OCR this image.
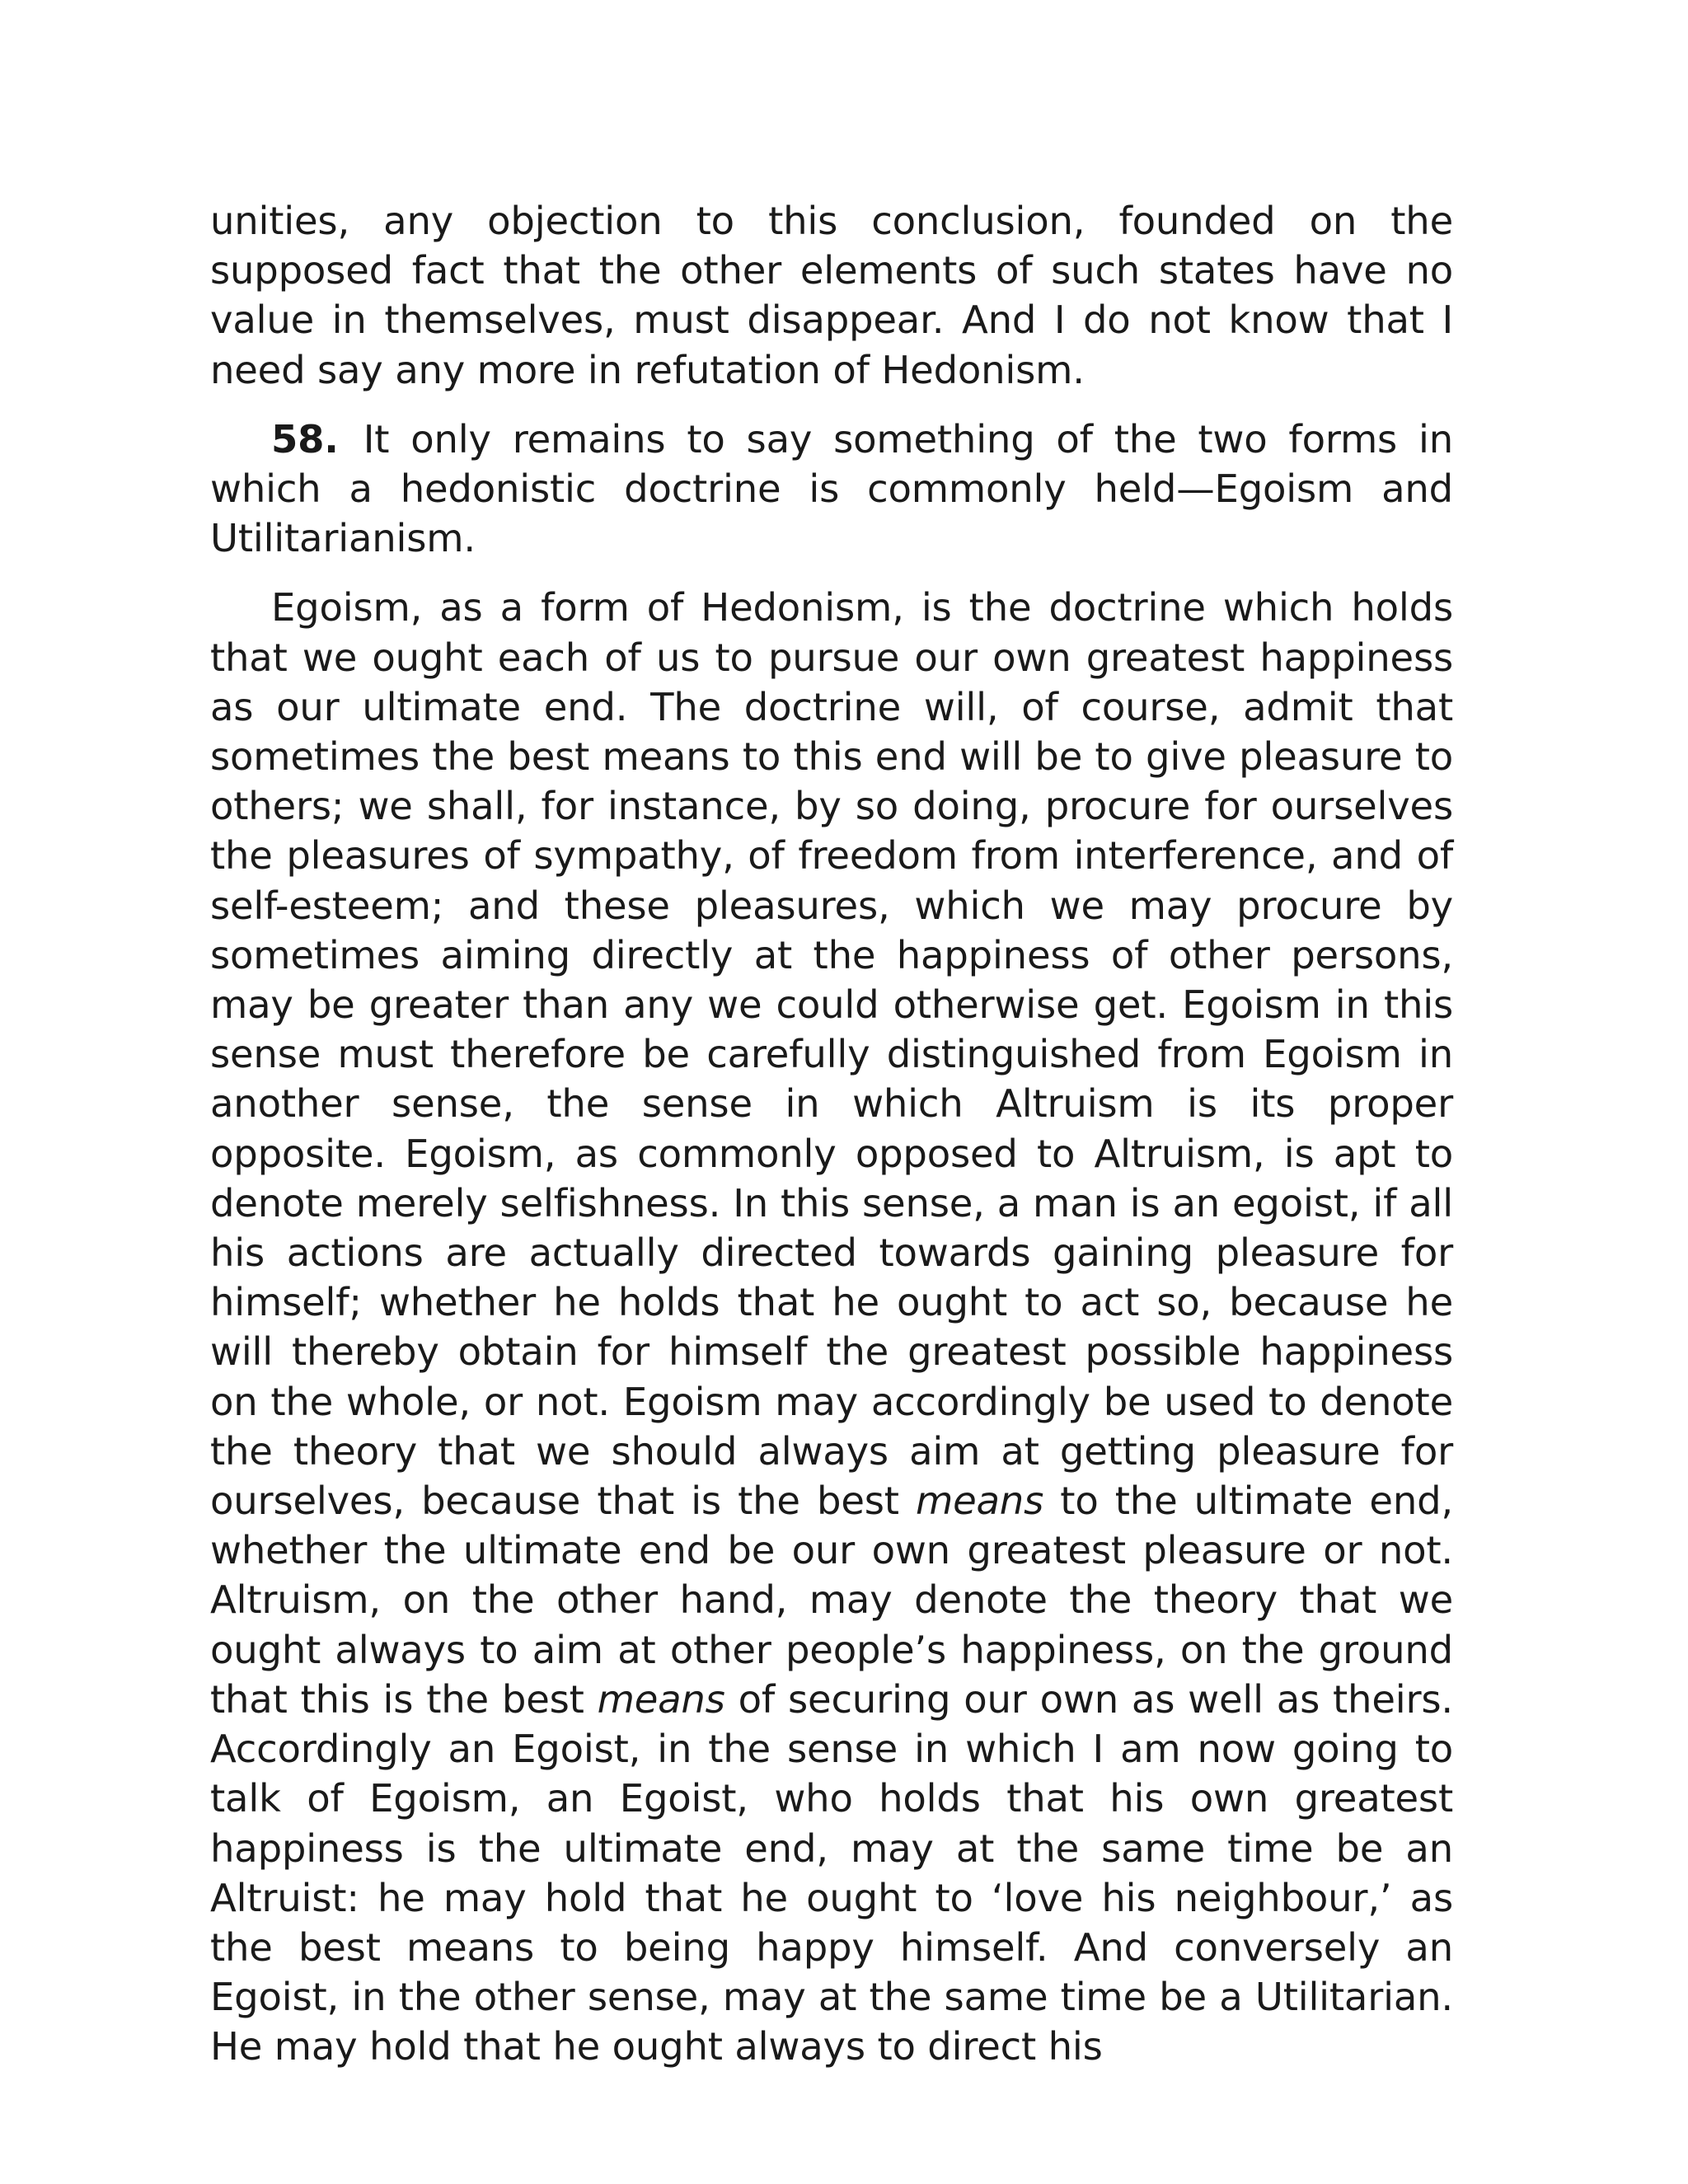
unities, any objection to this conclusion, founded on the supposed fact that the other elements of such states have no value in themselves, must disappear. And I do not know that I need say any more in refutation of Hedonism.

58. It only remains to say something of the two forms in which a hedonistic doctrine is commonly held—Egoism and Utilitarianism.

Egoism, as a form of Hedonism, is the doctrine which holds that we ought each of us to pursue our own greatest happiness as our ultimate end. The doctrine will, of course, admit that sometimes the best means to this end will be to give pleasure to others; we shall, for instance, by so doing, procure for ourselves the pleasures of sympathy, of freedom from interference, and of self-esteem; and these pleasures, which we may procure by sometimes aiming directly at the happiness of other persons, may be greater than any we could otherwise get. Egoism in this sense must therefore be carefully distinguished from Egoism in another sense, the sense in which Altruism is its proper opposite. Egoism, as commonly opposed to Altruism, is apt to denote merely selfishness. In this sense, a man is an egoist, if all his actions are actually directed towards gaining pleasure for himself; whether he holds that he ought to act so, because he will thereby obtain for himself the greatest possible happiness on the whole, or not. Egoism may accordingly be used to denote the theory that we should always aim at getting pleasure for ourselves, because that is the best means to the ultimate end, whether the ultimate end be our own greatest pleasure or not. Altruism, on the other hand, may denote the theory that we ought always to aim at other people’s happiness, on the ground that this is the best means of securing our own as well as theirs. Accordingly an Egoist, in the sense in which I am now going to talk of Egoism, an Egoist, who holds that his own greatest happiness is the ultimate end, may at the same time be an Altruist: he may hold that he ought to ‘love his neighbour,’ as the best means to being happy himself. And conversely an Egoist, in the other sense, may at the same time be a Utilitarian. He may hold that he ought always to direct his
